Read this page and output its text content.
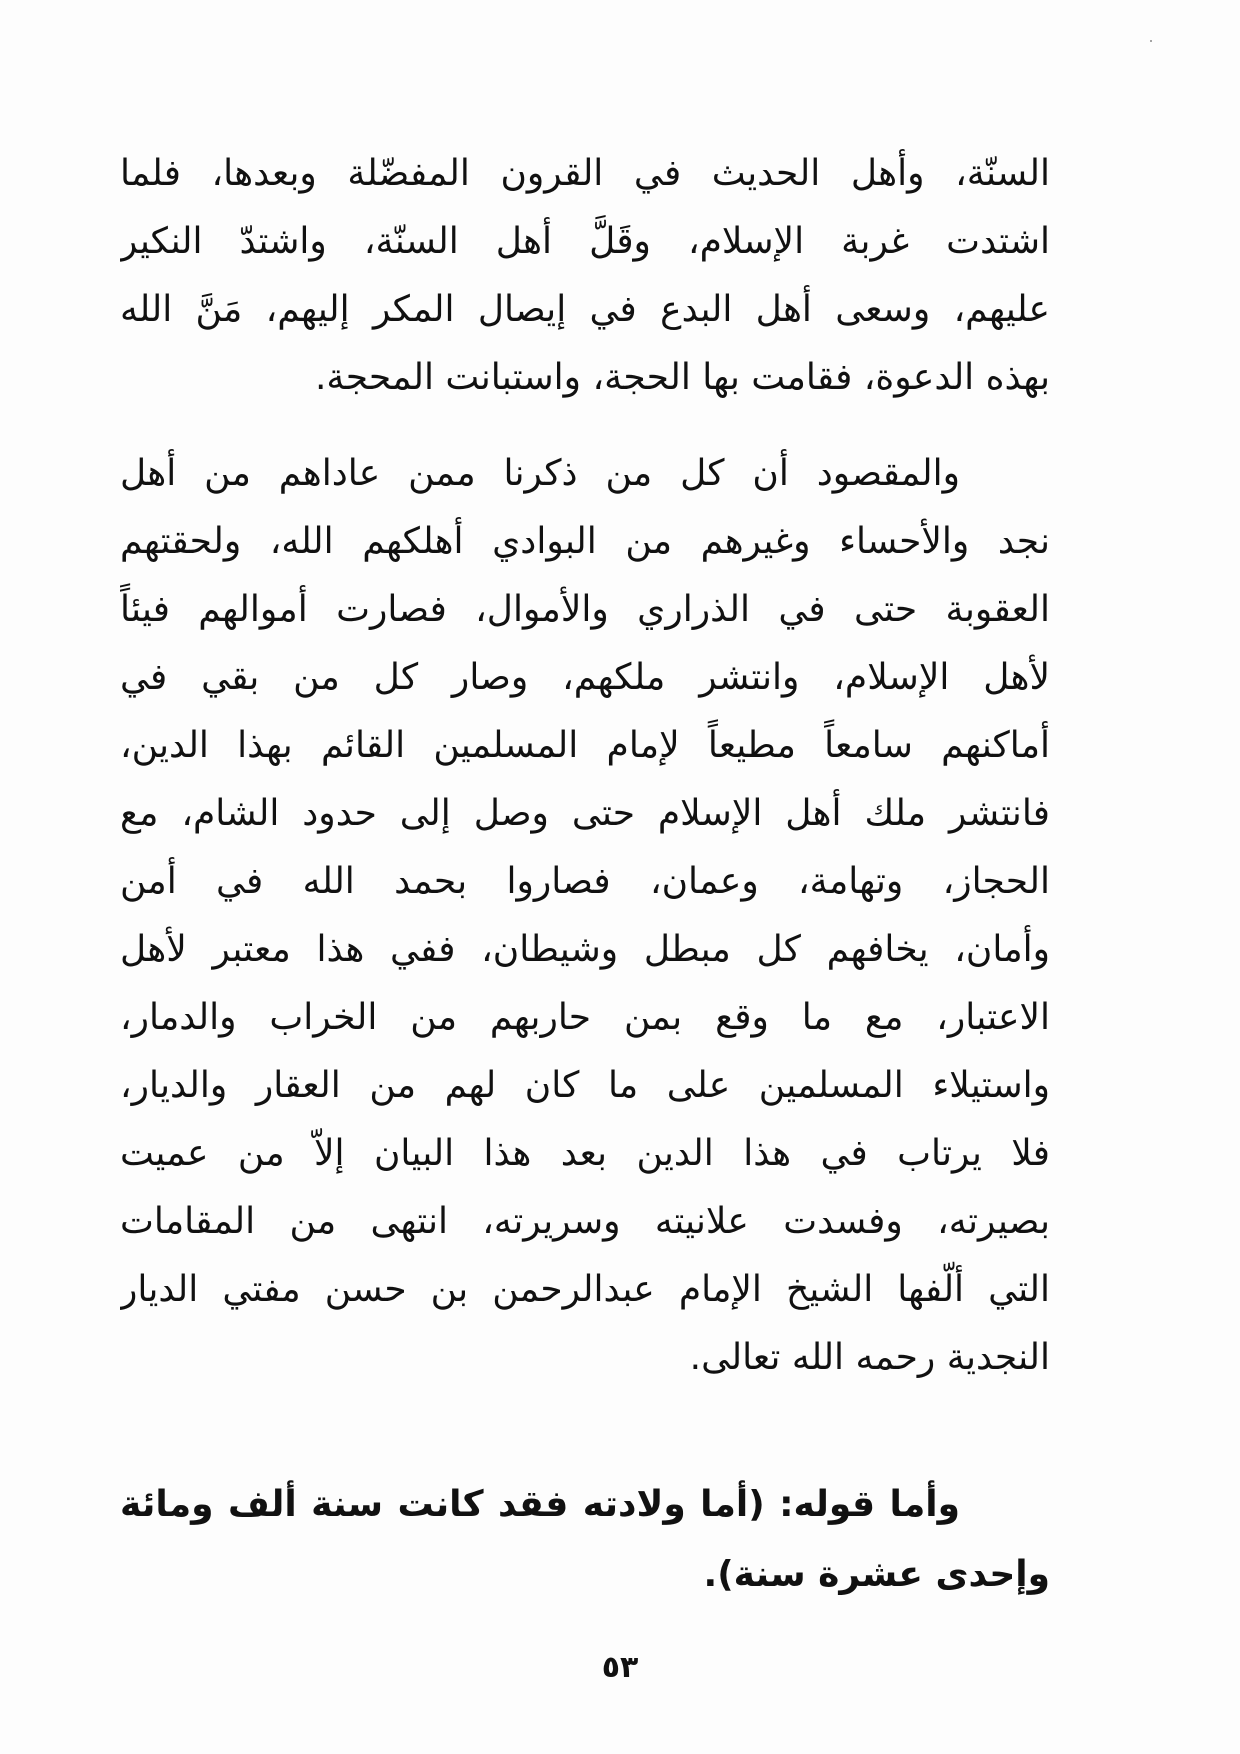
السنّة، وأهل الحديث في القرون المفضّلة وبعدها، فلما
اشتدت غربة الإسلام، وقَلَّ أهل السنّة، واشتدّ النكير
عليهم، وسعى أهل البدع في إيصال المكر إليهم، مَنَّ الله
بهذه الدعوة، فقامت بها الحجة، واستبانت المحجة.
والمقصود أن كل من ذكرنا ممن عاداهم من أهل
نجد والأحساء وغيرهم من البوادي أهلكهم الله، ولحقتهم
العقوبة حتى في الذراري والأموال، فصارت أموالهم فيئاً
لأهل الإسلام، وانتشر ملكهم، وصار كل من بقي في
أماكنهم سامعاً مطيعاً لإمام المسلمين القائم بهذا الدين،
فانتشر ملك أهل الإسلام حتى وصل إلى حدود الشام، مع
الحجاز، وتهامة، وعمان، فصاروا بحمد الله في أمن
وأمان، يخافهم كل مبطل وشيطان، ففي هذا معتبر لأهل
الاعتبار، مع ما وقع بمن حاربهم من الخراب والدمار،
واستيلاء المسلمين على ما كان لهم من العقار والديار،
فلا يرتاب في هذا الدين بعد هذا البيان إلاّ من عميت
بصيرته، وفسدت علانيته وسريرته، انتهى من المقامات
التي ألّفها الشيخ الإمام عبدالرحمن بن حسن مفتي الديار
النجدية رحمه الله تعالى.
وأما قوله: (أما ولادته فقد كانت سنة ألف ومائة
وإحدى عشرة سنة).
٥٣
